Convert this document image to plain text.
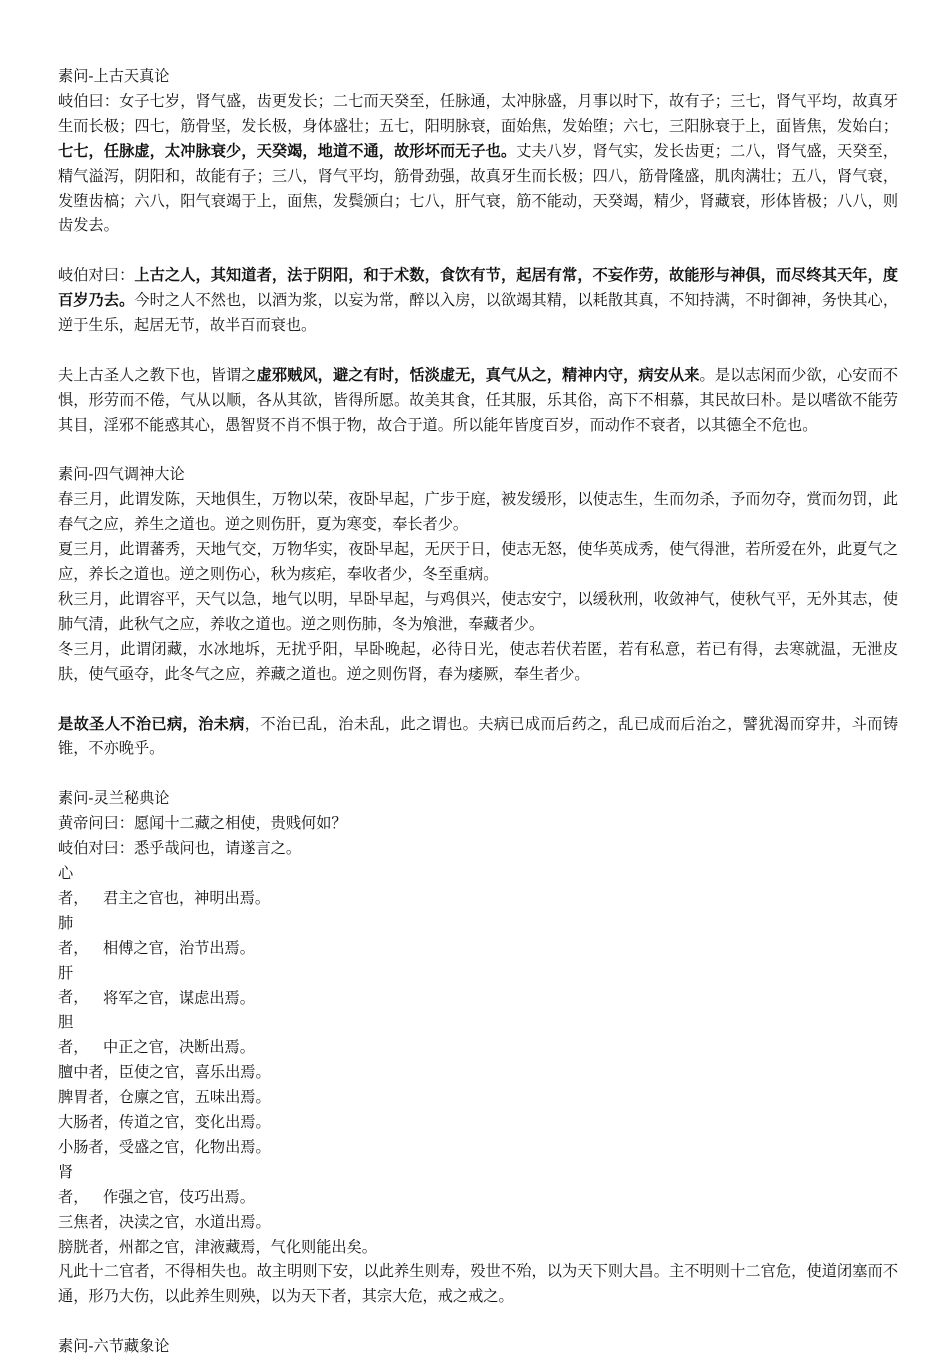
素问-上古天真论

岐伯曰：女子七岁，肾气盛，齿更发长；二七而天癸至，任脉通，太冲脉盛，月事以时下，故有子；三七，肾气平均，故真牙生而长极；四七，筋骨坚，发长极，身体盛壮；五七，阳明脉衰，面始焦，发始堕；六七，三阳脉衰于上，面皆焦，发始白；七七，任脉虚，太冲脉衰少，天癸竭，地道不通，故形坏而无子也。丈夫八岁，肾气实，发长齿更；二八，肾气盛，天癸至，精气溢泻，阴阳和，故能有子；三八，肾气平均，筋骨劲强，故真牙生而长极；四八，筋骨隆盛，肌肉满壮；五八，肾气衰，发堕齿槁；六八，阳气衰竭于上，面焦，发鬓颁白；七八，肝气衰，筋不能动，天癸竭，精少，肾藏衰，形体皆极；八八，则齿发去。

岐伯对曰：上古之人，其知道者，法于阴阳，和于术数，食饮有节，起居有常，不妄作劳，故能形与神俱，而尽终其天年，度百岁乃去。今时之人不然也，以酒为浆，以妄为常，醉以入房，以欲竭其精，以耗散其真，不知持满，不时御神，务快其心，逆于生乐，起居无节，故半百而衰也。

夫上古圣人之教下也，皆谓之虚邪贼风，避之有时，恬淡虚无，真气从之，精神内守，病安从来。是以志闲而少欲，心安而不惧，形劳而不倦，气从以顺，各从其欲，皆得所愿。故美其食，任其服，乐其俗，高下不相慕，其民故曰朴。是以嗜欲不能劳其目，淫邪不能惑其心，愚智贤不肖不惧于物，故合于道。所以能年皆度百岁，而动作不衰者，以其德全不危也。

素问-四气调神大论

春三月，此谓发陈，天地俱生，万物以荣，夜卧早起，广步于庭，被发缓形，以使志生，生而勿杀，予而勿夺，赏而勿罚，此春气之应，养生之道也。逆之则伤肝，夏为寒变，奉长者少。

夏三月，此谓蕃秀，天地气交，万物华实，夜卧早起，无厌于日，使志无怒，使华英成秀，使气得泄，若所爱在外，此夏气之应，养长之道也。逆之则伤心，秋为痎疟，奉收者少，冬至重病。

秋三月，此谓容平，天气以急，地气以明，早卧早起，与鸡俱兴，使志安宁，以缓秋刑，收敛神气，使秋气平，无外其志，使肺气清，此秋气之应，养收之道也。逆之则伤肺，冬为飧泄，奉藏者少。

冬三月，此谓闭藏，水冰地坼，无扰乎阳，早卧晚起，必待日光，使志若伏若匿，若有私意，若已有得，去寒就温，无泄皮肤，使气亟夺，此冬气之应，养藏之道也。逆之则伤肾，春为痿厥，奉生者少。

是故圣人不治已病，治未病，不治已乱，治未乱，此之谓也。夫病已成而后药之，乱已成而后治之，譬犹渴而穿井，斗而铸锥，不亦晚乎。

素问-灵兰秘典论

黄帝问曰：愿闻十二藏之相使，贵贱何如？

岐伯对曰：悉乎哉问也，请遂言之。

心者， 君主之官也，神明出焉。

肺者， 相傅之官，治节出焉。

肝者， 将军之官，谋虑出焉。

胆者， 中正之官，决断出焉。

膻中者，臣使之官，喜乐出焉。

脾胃者，仓廪之官，五味出焉。

大肠者，传道之官，变化出焉。

小肠者，受盛之官，化物出焉。

肾者， 作强之官，伎巧出焉。

三焦者，决渎之官，水道出焉。

膀胱者，州都之官，津液藏焉，气化则能出矣。

凡此十二官者，不得相失也。故主明则下安，以此养生则寿，殁世不殆，以为天下则大昌。主不明则十二官危，使道闭塞而不通，形乃大伤，以此养生则殃，以为天下者，其宗大危，戒之戒之。

素问-六节藏象论
